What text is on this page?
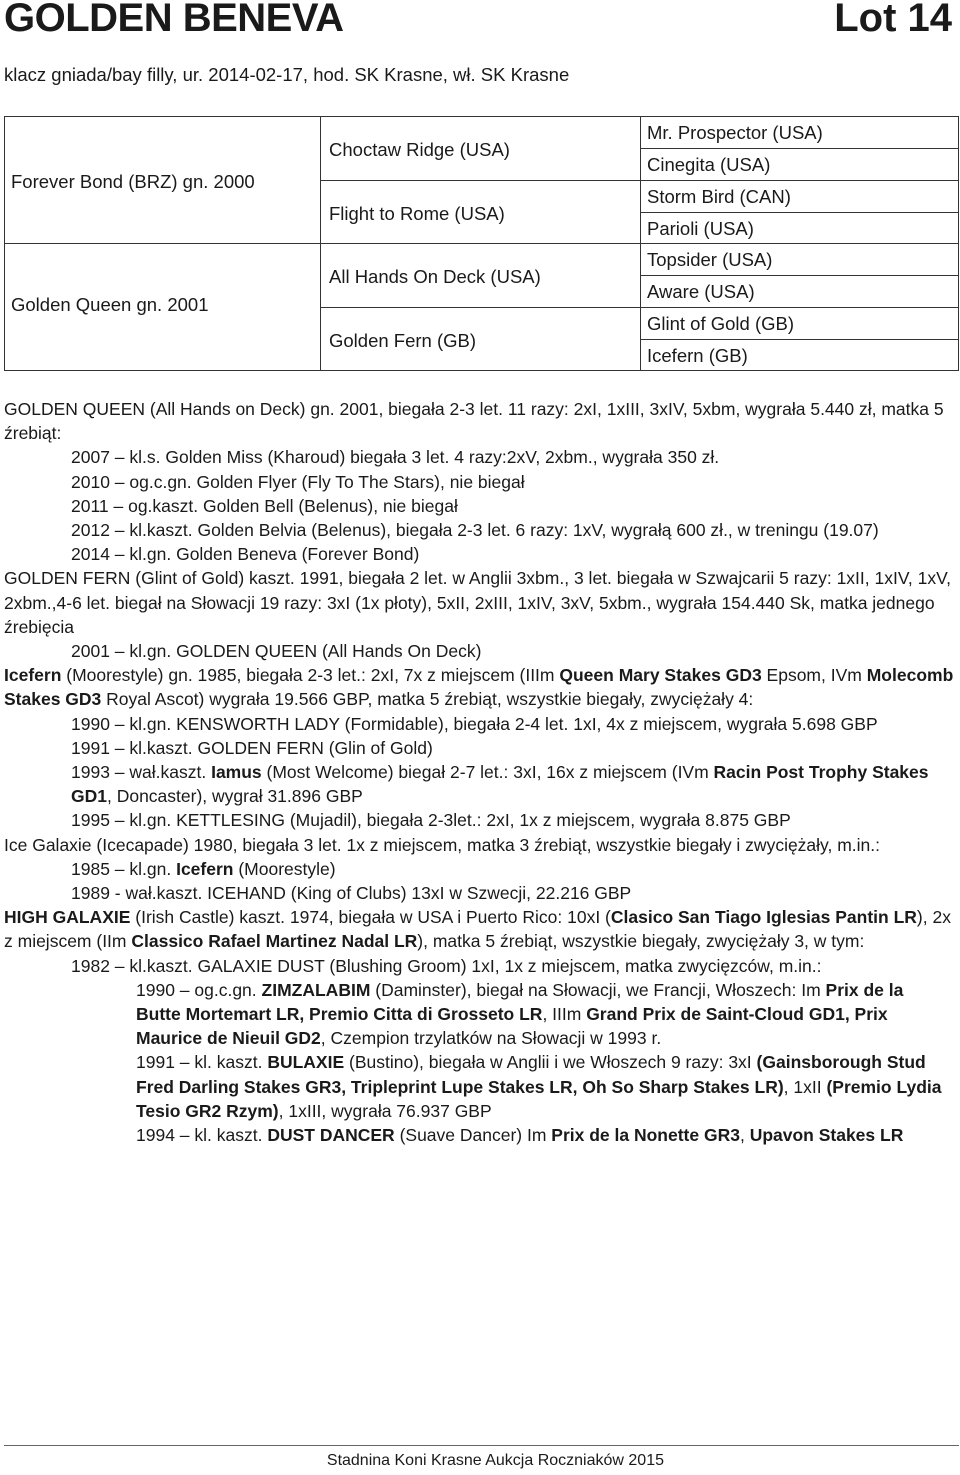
GOLDEN BENEVA	Lot 14
klacz gniada/bay filly, ur. 2014-02-17, hod. SK Krasne, wł. SK Krasne
Forever Bond (BRZ) gn. 2000
Golden Queen gn. 2001
Choctaw Ridge (USA)
Flight to Rome (USA)
All Hands On Deck (USA)
Golden Fern (GB)
Mr. Prospector (USA)
Cinegita (USA)
Storm Bird (CAN)
Parioli (USA)
Topsider (USA)
Aware (USA)
Glint of Gold (GB)
Icefern (GB)

GOLDEN QUEEN (All Hands on Deck) gn. 2001, biegała 2-3 let. 11 razy: 2xI, 1xIII, 3xIV, 5xbm, wygrała 5.440 zł, matka 5 źrebiąt:

2007 – kl.s. Golden Miss (Kharoud) biegała 3 let. 4 razy:2xV, 2xbm., wygrała 350 zł.

2010 – og.c.gn. Golden Flyer (Fly To The Stars), nie biegał

2011 – og.kaszt. Golden Bell (Belenus), nie biegał

2012 – kl.kaszt. Golden Belvia (Belenus), biegała 2-3 let. 6 razy: 1xV, wygrałą 600 zł., w treningu (19.07)

2014 – kl.gn. Golden Beneva (Forever Bond)

GOLDEN FERN (Glint of Gold) kaszt. 1991, biegała 2 let. w Anglii 3xbm., 3 let. biegała w Szwajcarii 5 razy: 1xII, 1xIV, 1xV, 2xbm.,4-6 let. biegał na Słowacji 19 razy: 3xI (1x płoty), 5xII, 2xIII, 1xIV, 3xV, 5xbm., wygrała 154.440 Sk, matka jednego źrebięcia

2001 – kl.gn. GOLDEN QUEEN (All Hands On Deck)

Icefern (Moorestyle) gn. 1985, biegała 2-3 let.: 2xI, 7x z miejscem (IIIm Queen Mary Stakes GD3 Epsom, IVm Molecomb Stakes GD3 Royal Ascot) wygrała 19.566 GBP, matka 5 źrebiąt, wszystkie biegały, zwyciężały 4:

1990 – kl.gn. KENSWORTH LADY (Formidable), biegała 2-4 let. 1xI, 4x z miejscem, wygrała 5.698 GBP

1991 – kl.kaszt. GOLDEN FERN (Glin of Gold)

1993 – wał.kaszt. Iamus (Most Welcome) biegał 2-7 let.: 3xI, 16x z miejscem (IVm Racin Post Trophy Stakes GD1, Doncaster), wygrał 31.896 GBP

1995 – kl.gn. KETTLESING (Mujadil), biegała 2-3let.: 2xI, 1x z miejscem, wygrała 8.875 GBP

Ice Galaxie (Icecapade) 1980, biegała 3 let. 1x z miejscem, matka 3 źrebiąt, wszystkie biegały i zwyciężały, m.in.:

1985 – kl.gn. Icefern (Moorestyle)

1989 - wał.kaszt. ICEHAND (King of Clubs) 13xI w Szwecji, 22.216 GBP

HIGH GALAXIE (Irish Castle) kaszt. 1974, biegała w USA i Puerto Rico: 10xI (Clasico San Tiago Iglesias Pantin LR), 2x z miejscem (IIm Classico Rafael Martinez Nadal LR), matka 5 źrebiąt, wszystkie biegały, zwyciężały 3, w tym:

1982 – kl.kaszt. GALAXIE DUST (Blushing Groom) 1xI, 1x z miejscem, matka zwycięzców, m.in.:

1990 – og.c.gn. ZIMZALABIM (Daminster), biegał na Słowacji, we Francji, Włoszech: Im Prix de la Butte Mortemart LR, Premio Citta di Grosseto LR, IIIm Grand Prix de Saint-Cloud GD1, Prix Maurice de Nieuil GD2, Czempion trzylatków na Słowacji w 1993 r.

1991 – kl. kaszt. BULAXIE (Bustino), biegała w Anglii i we Włoszech 9 razy: 3xI (Gainsborough Stud Fred Darling Stakes GR3, Tripleprint Lupe Stakes LR, Oh So Sharp Stakes LR), 1xII (Premio Lydia Tesio GR2 Rzym), 1xIII, wygrała 76.937 GBP

1994 – kl. kaszt. DUST DANCER (Suave Dancer) Im Prix de la Nonette GR3, Upavon Stakes LR

Stadnina Koni Krasne Aukcja Roczniaków 2015
